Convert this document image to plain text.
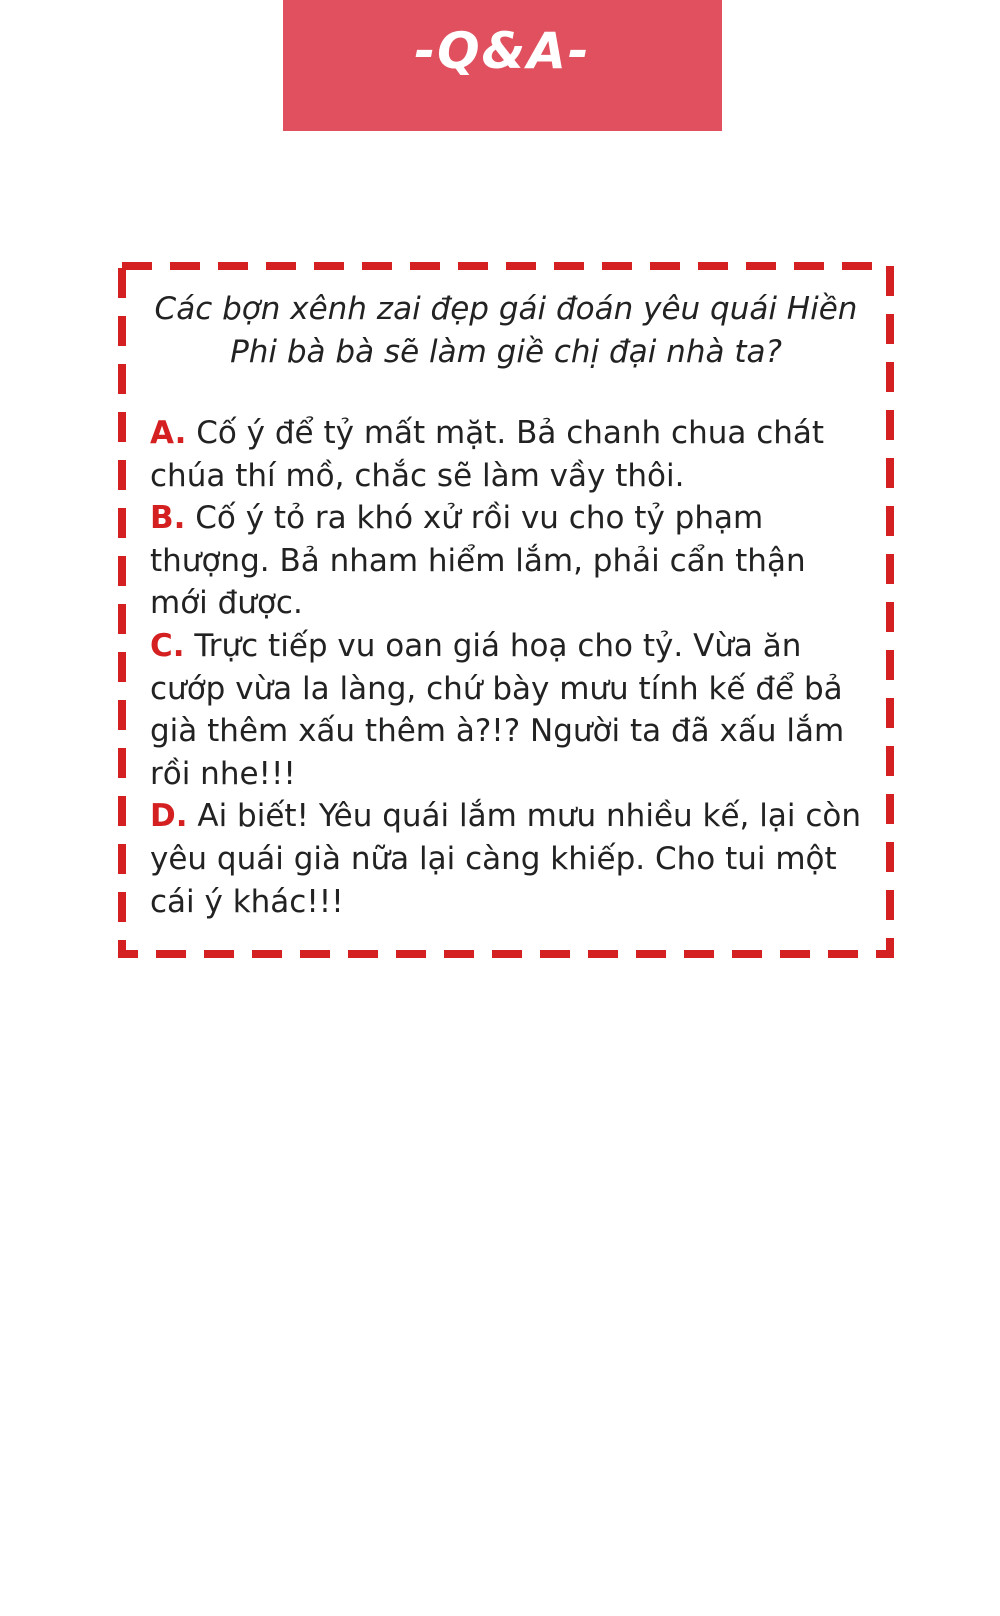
-Q&A-
Các bợn xênh zai đẹp gái đoán yêu quái Hiền Phi bà bà sẽ làm giề chị đại nhà ta?

A. Cố ý để tỷ mất mặt. Bả chanh chua chát chúa thí mồ, chắc sẽ làm vầy thôi.

B. Cố ý tỏ ra khó xử rồi vu cho tỷ phạm thượng. Bả nham hiểm lắm, phải cẩn thận mới được.

C. Trực tiếp vu oan giá hoạ cho tỷ. Vừa ăn cướp vừa la làng, chứ bày mưu tính kế để bả già thêm xấu thêm à?!? Người ta đã xấu lắm rồi nhe!!!

D. Ai biết! Yêu quái lắm mưu nhiều kế, lại còn yêu quái già nữa lại càng khiếp. Cho tui một cái ý khác!!!
